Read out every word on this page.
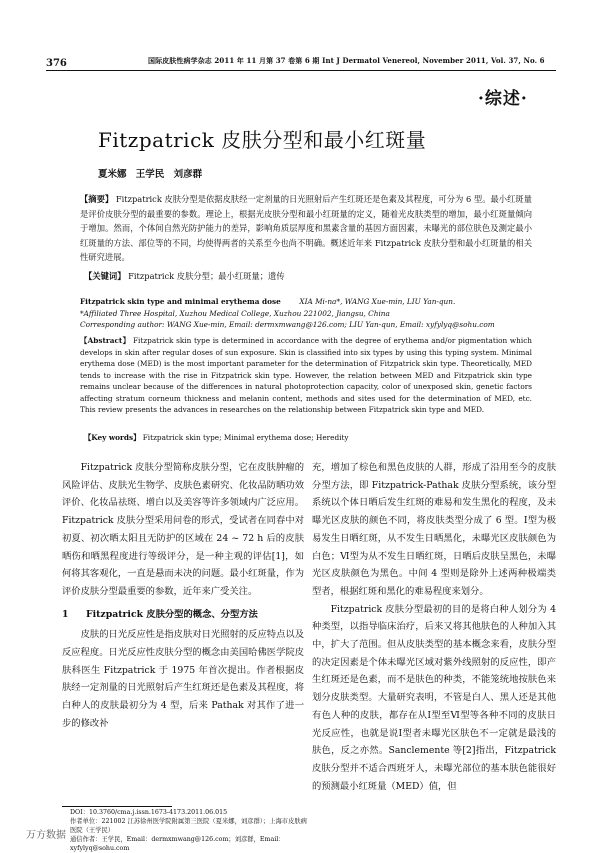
376	国际皮肤性病学杂志 2011 年 11 月第 37 卷第 6 期 Int J Dermatol Venereol, November 2011, Vol. 37, No. 6
·综述·
Fitzpatrick 皮肤分型和最小红斑量
夏米娜 王学民 刘彦群
【摘要】 Fitzpatrick 皮肤分型是依据皮肤经一定剂量的日光照射后产生红斑还是色素及其程度，可分为 6 型。最小红斑量是评价皮肤分型的最重要的参数。理论上，根据光皮肤分型和最小红斑量的定义，随着光皮肤类型的增加，最小红斑量倾向于增加。然而，个体间自然光防护能力的差异，影响角质层厚度和黑素含量的基因方面因素，未曝光的部位肤色及测定最小红斑量的方法、部位等的不同，均使得两者的关系至今也尚不明确。概述近年来 Fitzpatrick 皮肤分型和最小红斑量的相关性研究进展。
【关键词】 Fitzpatrick 皮肤分型；最小红斑量；遗传
Fitzpatrick skin type and minimal erythema dose	XIA Mi-na*, WANG Xue-min, LIU Yan-qun.
*Affiliated Three Hospital, Xuzhou Medical College, Xuzhou 221002, Jiangsu, China
Corresponding author: WANG Xue-min, Email: dermxmwang@126.com; LIU Yan-qun, Email: xyfylyq@sohu.com
【Abstract】 Fitzpatrick skin type is determined in accordance with the degree of erythema and/or pigmentation which develops in skin after regular doses of sun exposure. Skin is classified into six types by using this typing system. Minimal erythema dose (MED) is the most important parameter for the determination of Fitzpatrick skin type. Theoretically, MED tends to increase with the rise in Fitzpatrick skin type. However, the relation between MED and Fitzpatrick skin type remains unclear because of the differences in natural photoprotection capacity, color of unexposed skin, genetic factors affecting stratum corneum thickness and melanin content, methods and sites used for the determination of MED, etc. This review presents the advances in researches on the relationship between Fitzpatrick skin type and MED.
【Key words】 Fitzpatrick skin type; Minimal erythema dose; Heredity

Fitzpatrick 皮肤分型简称皮肤分型，它在皮肤肿瘤的风险评估、皮肤光生物学、皮肤色素研究、化妆品防晒功效评价、化妆品祛斑、增白以及美容等许多领域内广泛应用。Fitzpatrick 皮肤分型采用问卷的形式，受试者在同春中对初夏、初次晒太阳且无防护的区域在 24 ~ 72 h 后的皮肤晒伤和晒黑程度进行等级评分，是一种主观的评估[1]，如何将其客观化，一直是悬而未决的问题。最小红斑量，作为评价皮肤分型最重要的参数，近年来广受关注。

1 Fitzpatrick 皮肤分型的概念、分型方法

皮肤的日光反应性是指皮肤对日光照射的反应特点以及反应程度。日光反应性皮肤分型的概念由美国哈佛医学院皮肤科医生 Fitzpatrick 于 1975 年首次提出。作者根据皮肤经一定剂量的日光照射后产生红斑还是色素及其程度，将白种人的皮肤最初分为 4 型，后来 Pathak 对其作了进一步的修改补

充，增加了棕色和黑色皮肤的人群，形成了沿用至今的皮肤分型方法，即 Fitzpatrick-Pathak 皮肤分型系统，该分型系统以个体日晒后发生红斑的难易和发生黑化的程度，及未曝光区皮肤的颜色不同，将皮肤类型分成了 6 型。Ⅰ型为极易发生日晒红斑，从不发生日晒黑化，未曝光区皮肤颜色为白色；Ⅵ型为从不发生日晒红斑，日晒后皮肤呈黑色，未曝光区皮肤颜色为黑色。中间 4 型则是除外上述两种极端类型者，根据红斑和黑化的难易程度来划分。

Fitzpatrick 皮肤分型最初的目的是将白种人划分为 4 种类型，以指导临床治疗，后来又将其他肤色的人种加入其中，扩大了范围。但从皮肤类型的基本概念来看，皮肤分型的决定因素是个体未曝光区域对紫外线照射的反应性，即产生红斑还是色素，而不是肤色的种类，不能笼统地按肤色来划分皮肤类型。大量研究表明，不管是白人、黑人还是其他有色人种的皮肤，都存在从Ⅰ型至Ⅵ型等各种不同的皮肤日光反应性，也就是说Ⅰ型者未曝光区肤色不一定就是最浅的肤色，反之亦然。Sanclemente 等[2]指出，Fitzpatrick 皮肤分型并不适合西班牙人，未曝光部位的基本肤色能很好的预测最小红斑量（MED）值，但

DOI：10.3760/cma.j.issn.1673-4173.2011.06.015
作者单位：221002 江苏徐州医学院附属第三医院（夏米娜，刘彦群）；上海市皮肤病医院（王学民）
通信作者：王学民，Email：dermxmwang@126.com；刘彦群，Email：xyfylyq@sohu.com
万方数据
